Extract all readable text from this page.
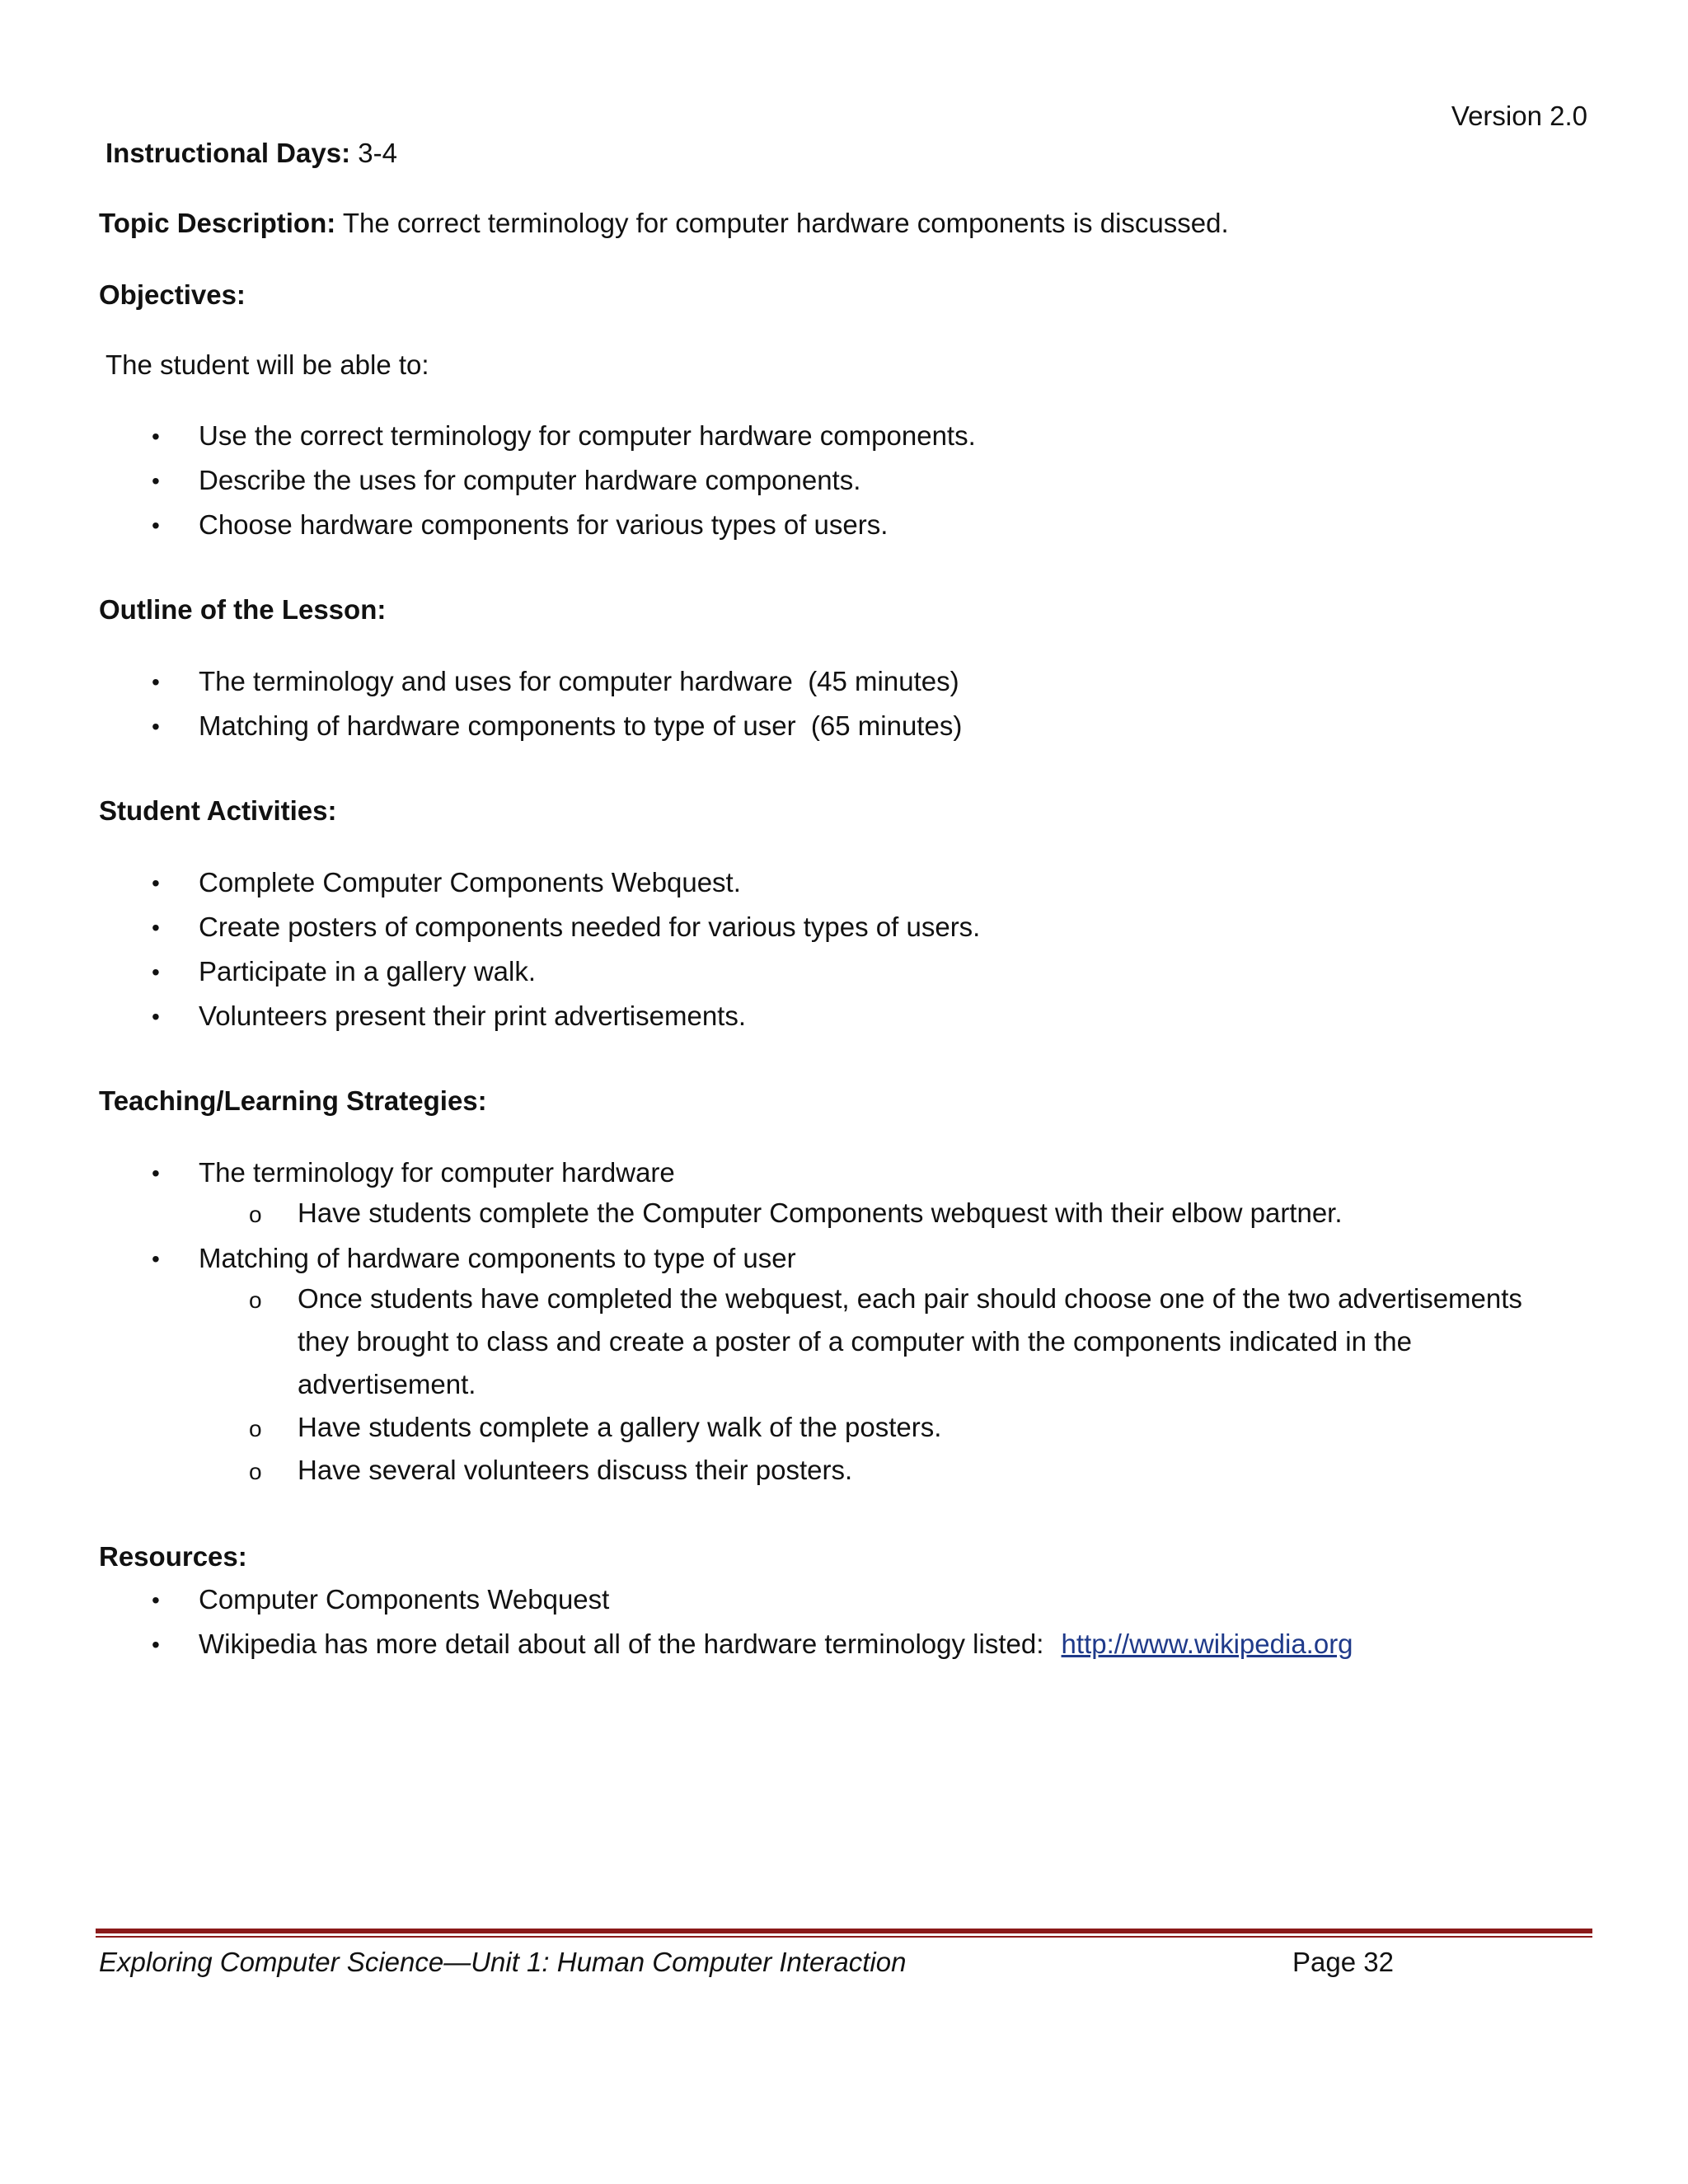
Version 2.0
Instructional Days: 3-4
Topic Description: The correct terminology for computer hardware components is discussed.
Objectives:
The student will be able to:
• Use the correct terminology for computer hardware components.
• Describe the uses for computer hardware components.
• Choose hardware components for various types of users.
Outline of the Lesson:
• The terminology and uses for computer hardware  (45 minutes)
• Matching of hardware components to type of user  (65 minutes)
Student Activities:
• Complete Computer Components Webquest.
• Create posters of components needed for various types of users.
• Participate in a gallery walk.
• Volunteers present their print advertisements.
Teaching/Learning Strategies:
• The terminology for computer hardware
o Have students complete the Computer Components webquest with their elbow partner.
• Matching of hardware components to type of user
o Once students have completed the webquest, each pair should choose one of the two advertisements they brought to class and create a poster of a computer with the components indicated in the advertisement.
o Have students complete a gallery walk of the posters.
o Have several volunteers discuss their posters.
Resources:
• Computer Components Webquest
• Wikipedia has more detail about all of the hardware terminology listed: http://www.wikipedia.org
Exploring Computer Science—Unit 1: Human Computer Interaction	Page 32
